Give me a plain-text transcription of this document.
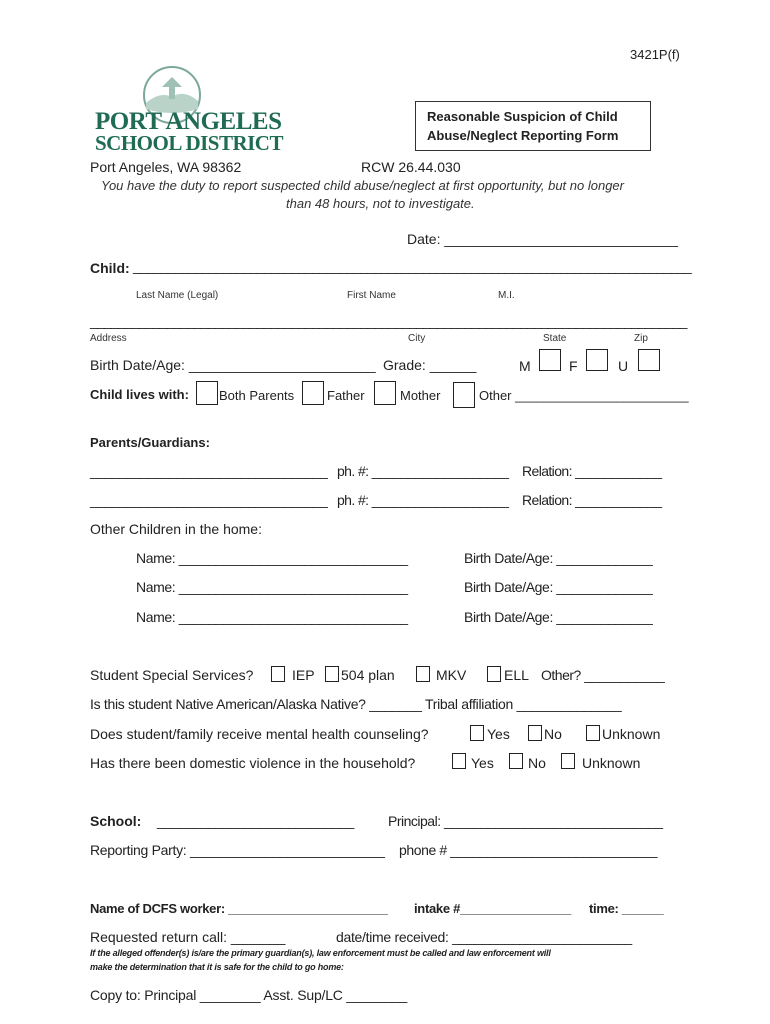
3421P(f)
PORT ANGELES
SCHOOL DISTRICT
Reasonable Suspicion of Child
Abuse/Neglect Reporting Form
Port Angeles, WA 98362	RCW 26.44.030
You have the duty to report suspected child abuse/neglect at first opportunity, but no longer
than 48 hours, not to investigate.
Date: ______________________________
Child: _________________________________________________________________________________
Last Name (Legal)	First Name	M.I.
______________________________________________________________________________________
Address	City	State	Zip
Birth Date/Age: ________________________ Grade: ______	M	F	U
Child lives with: Both Parents	Father	Mother	Other ________________________
Parents/Guardians:
_________________________________ ph. #: ___________________ Relation: ____________
_________________________________ ph. #: ___________________ Relation: ____________
Other Children in the home:
Name: _______________________________	Birth Date/Age: _____________
Name: _______________________________	Birth Date/Age: _____________
Name: _______________________________	Birth Date/Age: _____________
Student Special Services?	IEP 504 plan	MKV	ELL Other? ___________
Is this student Native American/Alaska Native? _______ Tribal affiliation ______________
Does student/family receive mental health counseling?	Yes No	Unknown
Has there been domestic violence in the household?	Yes No	Unknown
School: ___________________________ Principal: ______________________________
Reporting Party: __________________________ phone # ____________________________
Name of DCFS worker: _______________________ intake #________________ time: ______
Requested return call: _______	date/time received: ________________________
If the alleged offender(s) is/are the primary guardian(s), law enforcement must be called and law enforcement will
make the determination that it is safe for the child to go home:
Copy to: Principal ________ Asst. Sup/LC ________
